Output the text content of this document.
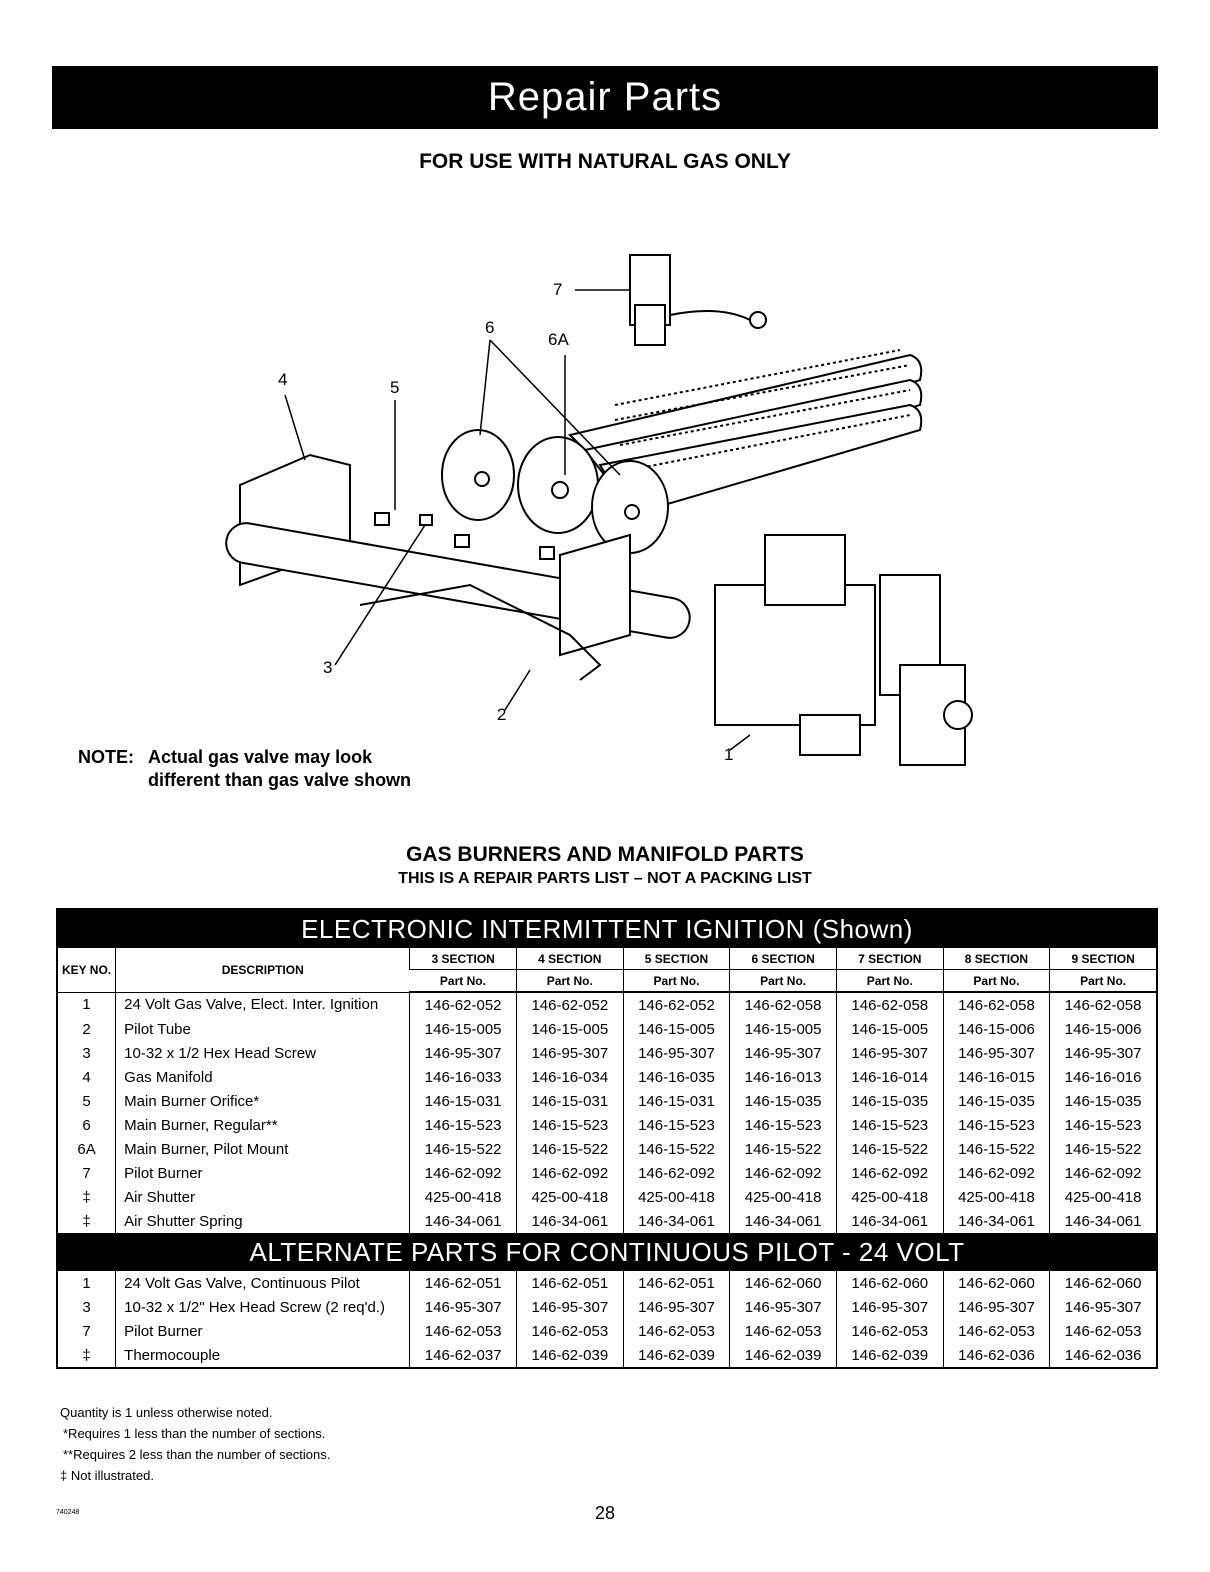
Repair Parts
FOR USE WITH NATURAL GAS ONLY
7
6
6A
4	5
3
2
1
NOTE: Actual gas valve may look
different than gas valve shown
GAS BURNERS AND MANIFOLD PARTS
THIS IS A REPAIR PARTS LIST – NOT A PACKING LIST
ELECTRONIC INTERMITTENT IGNITION (Shown)								
KEY NO.	DESCRIPTION	3 SECTION	4 SECTION	5 SECTION	6 SECTION	7 SECTION	8 SECTION	9 SECTION
		Part No.	Part No.	Part No.	Part No.	Part No.	Part No.	Part No.
1	24 Volt Gas Valve, Elect. Inter. Ignition	146-62-052	146-62-052	146-62-052	146-62-058	146-62-058	146-62-058	146-62-058
2	Pilot Tube	146-15-005	146-15-005	146-15-005	146-15-005	146-15-005	146-15-006	146-15-006
3	10-32 x 1/2 Hex Head Screw	146-95-307	146-95-307	146-95-307	146-95-307	146-95-307	146-95-307	146-95-307
4	Gas Manifold	146-16-033	146-16-034	146-16-035	146-16-013	146-16-014	146-16-015	146-16-016
5	Main Burner Orifice*	146-15-031	146-15-031	146-15-031	146-15-035	146-15-035	146-15-035	146-15-035
6	Main Burner, Regular**	146-15-523	146-15-523	146-15-523	146-15-523	146-15-523	146-15-523	146-15-523
6A	Main Burner, Pilot Mount	146-15-522	146-15-522	146-15-522	146-15-522	146-15-522	146-15-522	146-15-522
7	Pilot Burner	146-62-092	146-62-092	146-62-092	146-62-092	146-62-092	146-62-092	146-62-092
‡	Air Shutter	425-00-418	425-00-418	425-00-418	425-00-418	425-00-418	425-00-418	425-00-418
‡	Air Shutter Spring	146-34-061	146-34-061	146-34-061	146-34-061	146-34-061	146-34-061	146-34-061
ALTERNATE PARTS FOR CONTINUOUS PILOT - 24 VOLT								
1	24 Volt Gas Valve, Continuous Pilot	146-62-051	146-62-051	146-62-051	146-62-060	146-62-060	146-62-060	146-62-060
3	10-32 x 1/2" Hex Head Screw (2 req'd.)	146-95-307	146-95-307	146-95-307	146-95-307	146-95-307	146-95-307	146-95-307
7	Pilot Burner	146-62-053	146-62-053	146-62-053	146-62-053	146-62-053	146-62-053	146-62-053
‡	Thermocouple	146-62-037	146-62-039	146-62-039	146-62-039	146-62-039	146-62-036	146-62-036
Quantity is 1 unless otherwise noted.
*Requires 1 less than the number of sections.
**Requires 2 less than the number of sections.
‡ Not illustrated.
740248	28
